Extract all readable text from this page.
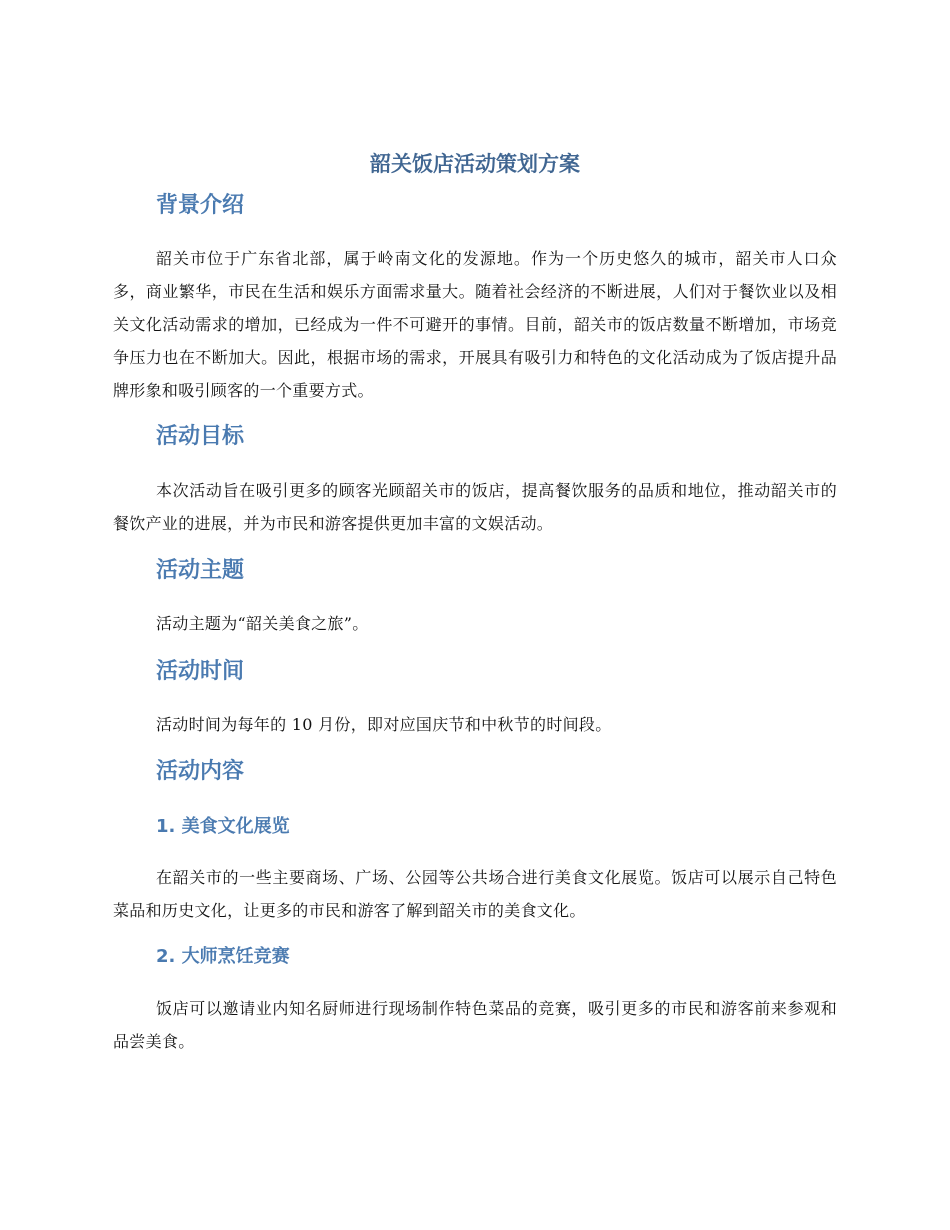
韶关饭店活动策划方案
背景介绍

韶关市位于广东省北部，属于岭南文化的发源地。作为一个历史悠久的城市，韶关市人口众多，商业繁华，市民在生活和娱乐方面需求量大。随着社会经济的不断进展，人们对于餐饮业以及相关文化活动需求的增加，已经成为一件不可避开的事情。目前，韶关市的饭店数量不断增加，市场竞争压力也在不断加大。因此，根据市场的需求，开展具有吸引力和特色的文化活动成为了饭店提升品牌形象和吸引顾客的一个重要方式。

活动目标

本次活动旨在吸引更多的顾客光顾韶关市的饭店，提高餐饮服务的品质和地位，推动韶关市的餐饮产业的进展，并为市民和游客提供更加丰富的文娱活动。

活动主题

活动主题为“韶关美食之旅”。

活动时间

活动时间为每年的 10 月份，即对应国庆节和中秋节的时间段。

活动内容
1. 美食文化展览

在韶关市的一些主要商场、广场、公园等公共场合进行美食文化展览。饭店可以展示自己特色菜品和历史文化，让更多的市民和游客了解到韶关市的美食文化。

2. 大师烹饪竞赛

饭店可以邀请业内知名厨师进行现场制作特色菜品的竞赛，吸引更多的市民和游客前来参观和品尝美食。
